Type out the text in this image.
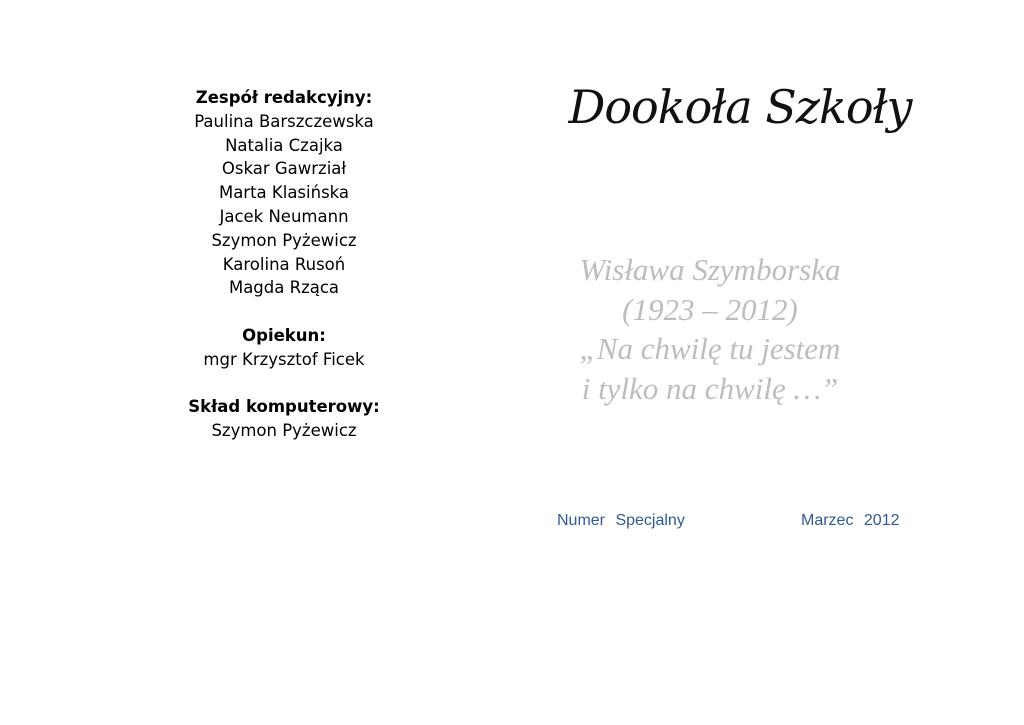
Zespół redakcyjny:
Paulina Barszczewska
Natalia Czajka
Oskar Gawrział
Marta Klasińska
Jacek Neumann
Szymon Pyżewicz
Karolina Rusoń
Magda Rząca
Opiekun:
mgr Krzysztof Ficek
Skład komputerowy:
Szymon Pyżewicz
Dookoła Szkoły
Wisława Szymborska
(1923 – 2012)
„Na chwilę tu jestem
i tylko na chwilę …”
Numer Specjalny	Marzec 2012
